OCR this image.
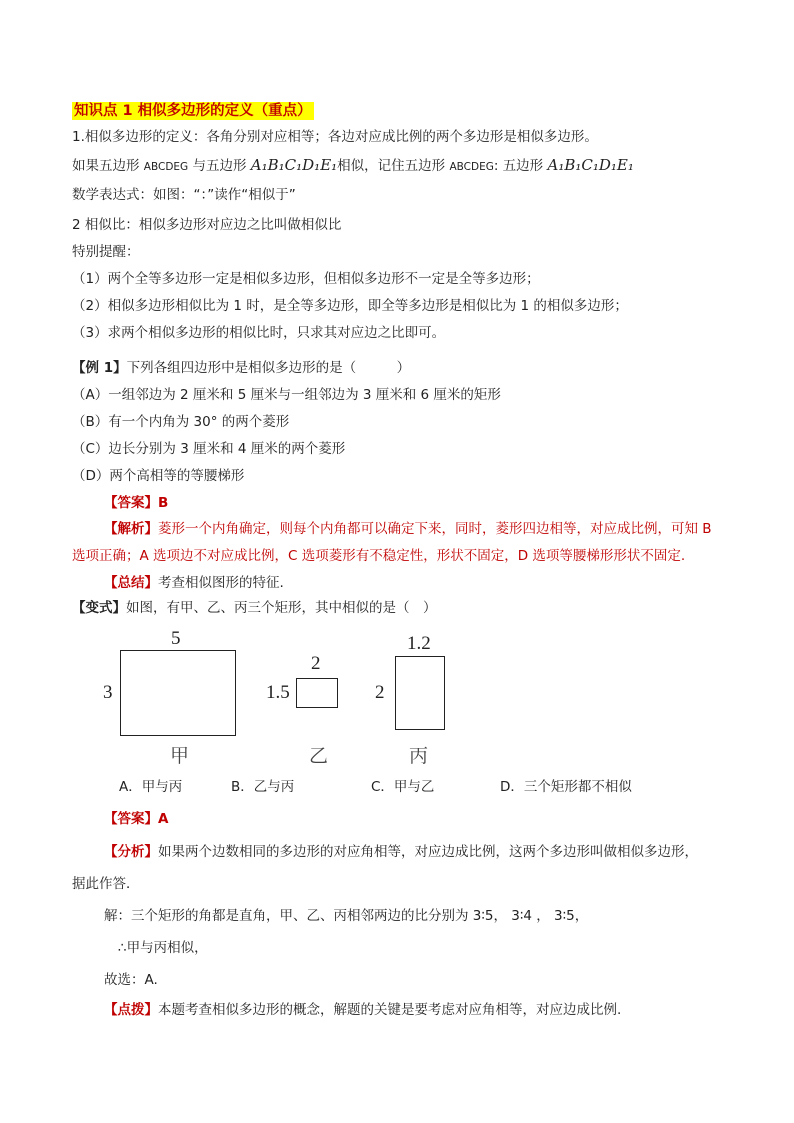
知识点 1 相似多边形的定义（重点）
1.相似多边形的定义：各角分别对应相等；各边对应成比例的两个多边形是相似多边形。
如果五边形 ABCDEG 与五边形 A₁B₁C₁D₁E₁相似，记住五边形 ABCDEG: 五边形 A₁B₁C₁D₁E₁
数学表达式：如图：“：”读作“相似于”
2 相似比：相似多边形对应边之比叫做相似比
特别提醒：
（1）两个全等多边形一定是相似多边形，但相似多边形不一定是全等多边形；
（2）相似多边形相似比为 1 时，是全等多边形，即全等多边形是相似比为 1 的相似多边形；
（3）求两个相似多边形的相似比时，只求其对应边之比即可。
【例 1】下列各组四边形中是相似多边形的是（　　　）
（A）一组邻边为 2 厘米和 5 厘米与一组邻边为 3 厘米和 6 厘米的矩形
（B）有一个内角为 30° 的两个菱形
（C）边长分别为 3 厘米和 4 厘米的两个菱形
（D）两个高相等的等腰梯形
【答案】B
【解析】菱形一个内角确定，则每个内角都可以确定下来，同时，菱形四边相等，对应成比例，可知 B
选项正确；A 选项边不对应成比例，C 选项菱形有不稳定性，形状不固定，D 选项等腰梯形形状不固定.
【总结】考查相似图形的特征.
【变式】如图，有甲、乙、丙三个矩形，其中相似的是（　）
5
3
甲
2
1.5
乙
1.2
2
丙
A．甲与丙	B．乙与丙	C．甲与乙	D．三个矩形都不相似
【答案】A
【分析】如果两个边数相同的多边形的对应角相等，对应边成比例，这两个多边形叫做相似多边形，
据此作答．
解：三个矩形的角都是直角，甲、乙、丙相邻两边的比分别为 3∶5， 3∶4 ， 3∶5，
∴甲与丙相似，
故选：A.
【点拨】本题考查相似多边形的概念，解题的关键是要考虑对应角相等，对应边成比例.
